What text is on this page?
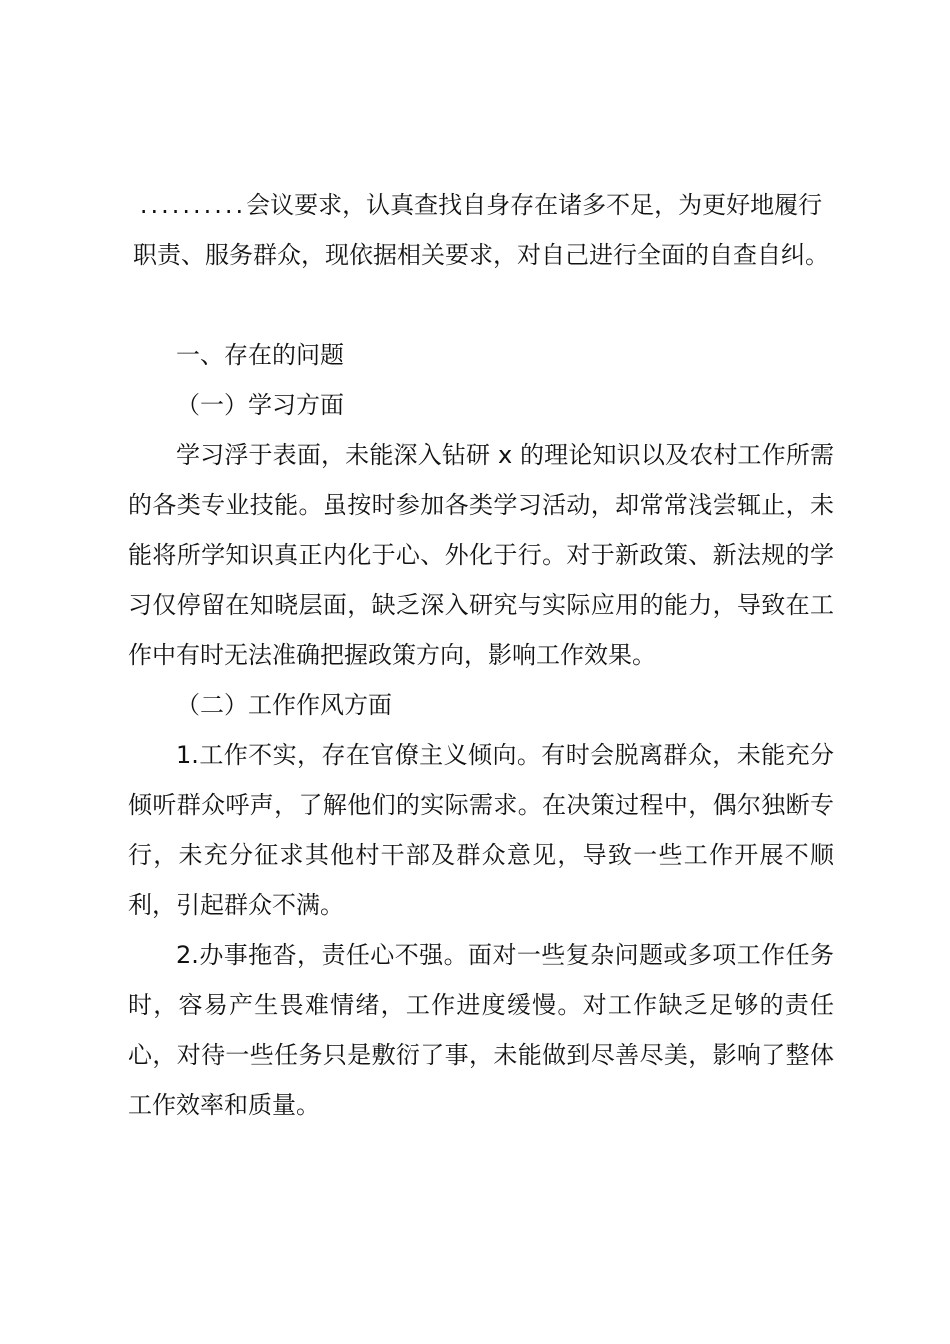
..........会议要求，认真查找自身存在诸多不足，为更好地履行职责、服务群众，现依据相关要求，对自己进行全面的自查自纠。

一、存在的问题

（一）学习方面

学习浮于表面，未能深入钻研 x 的理论知识以及农村工作所需的各类专业技能。虽按时参加各类学习活动，却常常浅尝辄止，未能将所学知识真正内化于心、外化于行。对于新政策、新法规的学习仅停留在知晓层面，缺乏深入研究与实际应用的能力，导致在工作中有时无法准确把握政策方向，影响工作效果。

（二）工作作风方面

1.工作不实，存在官僚主义倾向。有时会脱离群众，未能充分倾听群众呼声，了解他们的实际需求。在决策过程中，偶尔独断专行，未充分征求其他村干部及群众意见，导致一些工作开展不顺利，引起群众不满。

2.办事拖沓，责任心不强。面对一些复杂问题或多项工作任务时，容易产生畏难情绪，工作进度缓慢。对工作缺乏足够的责任心，对待一些任务只是敷衍了事，未能做到尽善尽美，影响了整体工作效率和质量。
